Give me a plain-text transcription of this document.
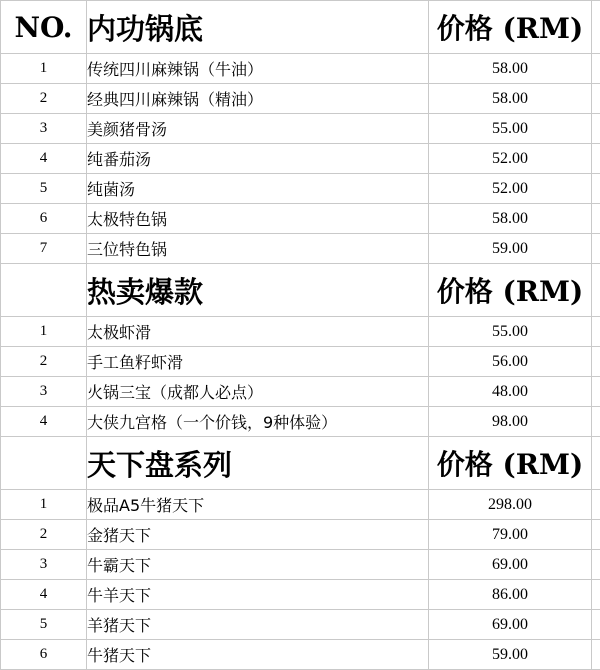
NO.	内功锅底	价格 (RM)	
1	传统四川麻辣锅（牛油）	58.00	
2	经典四川麻辣锅（精油）	58.00	
3	美颜猪骨汤	55.00	
4	纯番茄汤	52.00	
5	纯菌汤	52.00	
6	太极特色锅	58.00	
7	三位特色锅	59.00	
	热卖爆款	价格 (RM)	
1	太极虾滑	55.00	
2	手工鱼籽虾滑	56.00	
3	火锅三宝（成都人必点）	48.00	
4	大侠九宫格（一个价钱，9种体验）	98.00	
	天下盘系列	价格 (RM)	
1	极品A5牛猪天下	298.00	
2	金猪天下	79.00	
3	牛霸天下	69.00	
4	牛羊天下	86.00	
5	羊猪天下	69.00	
6	牛猪天下	59.00	
